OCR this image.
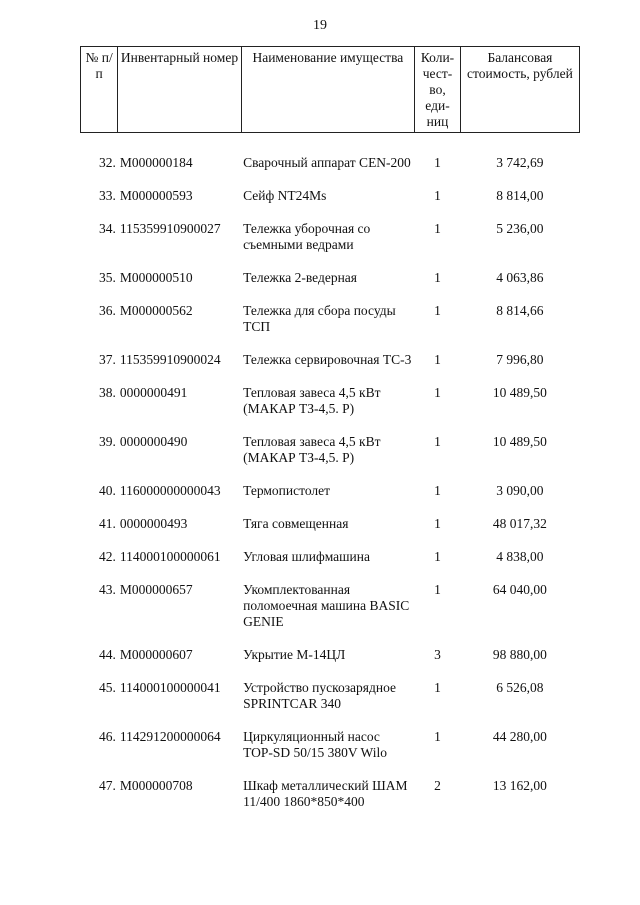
19
№ п/п	Инвентарный номер	Наименование имущества	Коли-чест-во, еди-ниц	Балансовая стоимость, рублей

32.	М000000184	Сварочный аппарат CEN-200	1	3 742,69
33.	М000000593	Сейф NT24Ms	1	8 814,00
34.	115359910900027	Тележка уборочная со съемными ведрами	1	5 236,00
35.	М000000510	Тележка 2-ведерная	1	4 063,86
36.	М000000562	Тележка для сбора посуды ТСП	1	8 814,66
37.	115359910900024	Тележка сервировочная ТС-3	1	7 996,80
38.	0000000491	Тепловая завеса 4,5 кВт (МАКАР ТЗ-4,5. Р)	1	10 489,50
39.	0000000490	Тепловая завеса 4,5 кВт (МАКАР ТЗ-4,5. Р)	1	10 489,50
40.	116000000000043	Термопистолет	1	3 090,00
41.	0000000493	Тяга совмещенная	1	48 017,32
42.	114000100000061	Угловая шлифмашина	1	4 838,00
43.	М000000657	Укомплектованная поломоечная машина BASIC GENIE	1	64 040,00
44.	М000000607	Укрытие М-14ЦЛ	3	98 880,00
45.	114000100000041	Устройство пускозарядное SPRINTCAR 340	1	6 526,08
46.	114291200000064	Циркуляционный насос TOP-SD 50/15 380V Wilo	1	44 280,00
47.	М000000708	Шкаф металлический ШАМ 11/400 1860*850*400	2	13 162,00
